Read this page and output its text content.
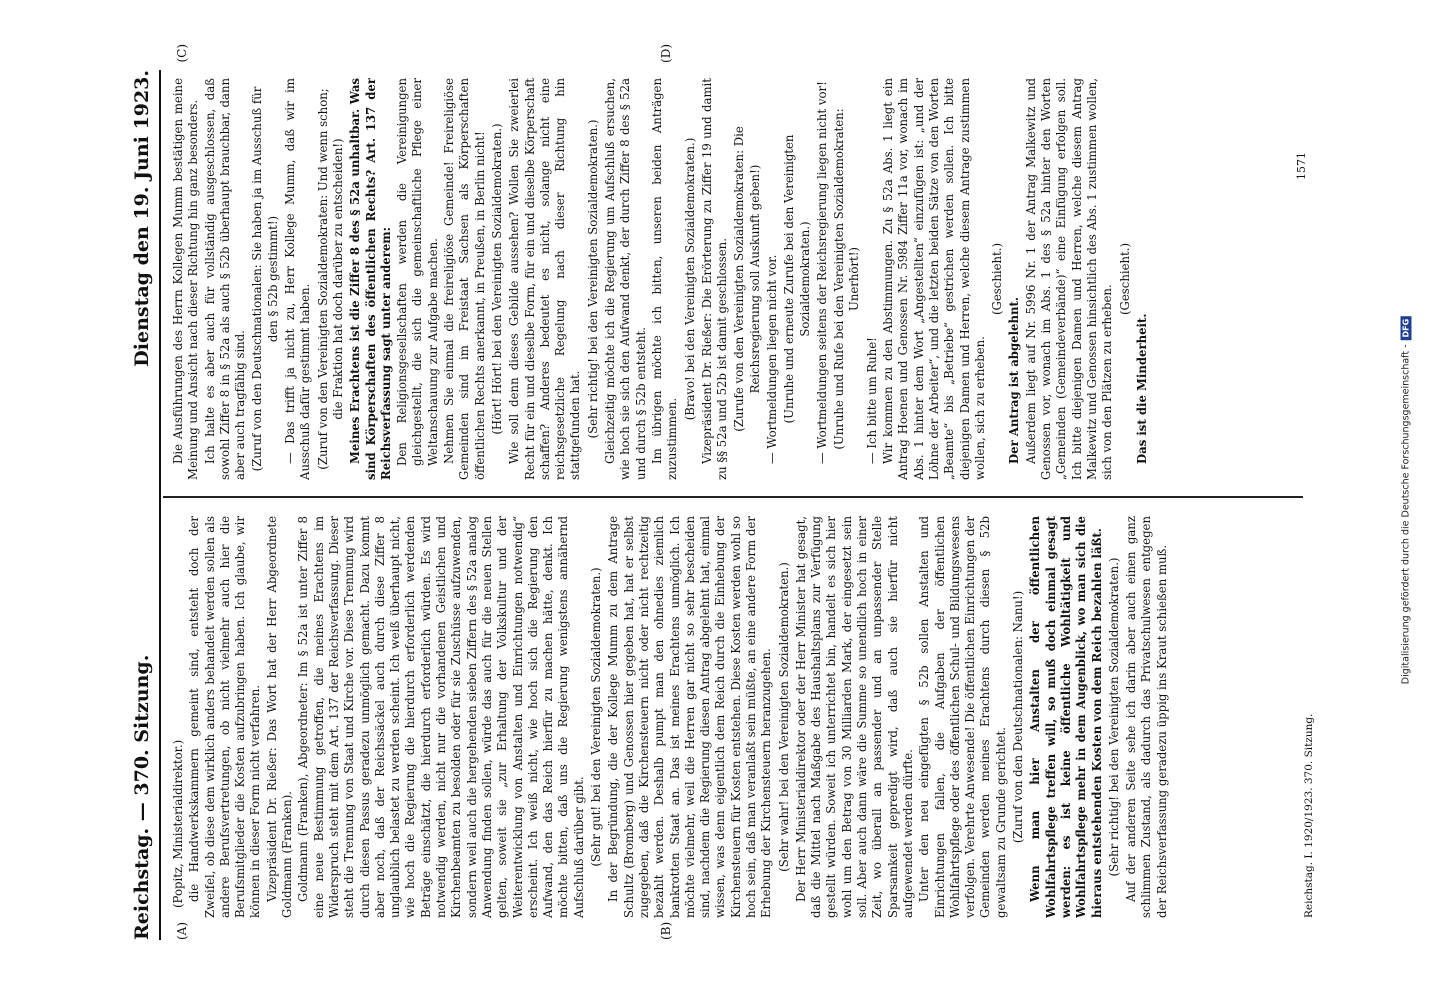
Reichstag. — 370. Sitzung.
Dienstag den 19. Juni 1923.
(A)	(B)
(C)	(D)

(Popitz, Ministerialdirektor.) die Handwerkskammern gemeint sind, entsteht doch der Zweifel, ob diese dem wirklich anders behandelt werden sollen als andere Berufsvertretungen, ob nicht vielmehr auch hier die Berufsmitglieder die Kosten aufzubringen haben. Ich glaube, wir können in dieser Form nicht verfahren. Vizepräsident Dr. Rießer: Das Wort hat der Herr Abgeordnete Goldmann (Franken). Goldmann (Franken), Abgeordneter: Im § 52a ist unter Ziffer 8 eine neue Bestimmung getroffen, die meines Erachtens im Widerspruch steht mit dem Art. 137 der Reichsverfassung. Dieser steht die Trennung von Staat und Kirche vor. Diese Trennung wird durch diesen Passus geradezu unmöglich gemacht. Dazu kommt aber noch, daß der Reichssäckel auch durch diese Ziffer 8 unglaublich belastet zu werden scheint. Ich weiß überhaupt nicht, wie hoch die Regierung die hierdurch erforderlich werdenden Beträge einschätzt, die hierdurch erforderlich würden. Es wird notwendig werden, nicht nur die vorhandenen Geistlichen und Kirchenbeamten zu besolden oder für sie Zuschüsse aufzuwenden, sondern weil auch die hergehenden sieben Ziffern des § 52a analog Anwendung finden sollen, würde das auch für die neuen Stellen gelten, soweit sie „zur Erhaltung der Volkskultur und der Weiterentwicklung von Anstalten und Einrichtungen notwendig“ erscheint. Ich weiß nicht, wie hoch sich die Regierung den Aufwand, den das Reich hierfür zu machen hätte, denkt. Ich möchte bitten, daß uns die Regierung wenigstens annähernd Aufschluß darüber gibt. (Sehr gut! bei den Vereinigten Sozialdemokraten.) In der Begründung, die der Kollege Mumm zu dem Antrage Schultz (Bromberg) und Genossen hier gegeben hat, hat er selbst zugegeben, daß die Kirchensteuern nicht oder nicht rechtzeitig bezahlt werden. Deshalb pumpt man den ohnedies ziemlich bankrotten Staat an. Das ist meines Erachtens unmöglich. Ich möchte vielmehr, weil die Herren gar nicht so sehr bescheiden sind, nachdem die Regierung diesen Antrag abgelehnt hat, einmal wissen, was denn eigentlich dem Reich durch die Einhebung der Kirchensteuern für Kosten entstehen. Diese Kosten werden wohl so hoch sein, daß man veranlaßt sein müßte, an eine andere Form der Erhebung der Kirchensteuern heranzugehen. (Sehr wahr! bei den Vereinigten Sozialdemokraten.) Der Herr Ministerialdirektor oder der Herr Minister hat gesagt, daß die Mittel nach Maßgabe des Haushaltsplans zur Verfügung gestellt würden. Soweit ich unterrichtet bin, handelt es sich hier wohl um den Betrag von 30 Milliarden Mark, der eingesetzt sein soll. Aber auch dann wäre die Summe so unendlich hoch in einer Zeit, wo überall an passender und an unpassender Stelle Sparsamkeit gepredigt wird, daß auch sie hierfür nicht aufgewendet werden dürfte. Unter den neu eingefügten § 52b sollen Anstalten und Einrichtungen fallen, die Aufgaben der öffentlichen Wohlfahrtspflege oder des öffentlichen Schul- und Bildungswesens verfolgen. Verehrte Anwesende! Die öffentlichen Einrichtungen der Gemeinden werden meines Erachtens durch diesen § 52b gewaltsam zu Grunde gerichtet. (Zuruf von den Deutschnationalen: Nanu!) Wenn man hier Anstalten der öffentlichen Wohlfahrtspflege treffen will, so muß doch einmal gesagt werden: es ist keine öffentliche Wohltätigkeit und Wohlfahrtspflege mehr in dem Augenblick, wo man sich die hieraus entstehenden Kosten von dem Reich bezahlen läßt. (Sehr richtig! bei den Vereinigten Sozialdemokraten.) Auf der anderen Seite sehe ich darin aber auch einen ganz schlimmen Zustand, als dadurch das Privatschulwesen entgegen der Reichsverfassung geradezu üppig ins Kraut schießen muß.

Die Ausführungen des Herrn Kollegen Mumm bestätigen meine Meinung und Ansicht nach dieser Richtung hin ganz besonders. Ich halte es aber auch für vollständig ausgeschlossen, daß sowohl Ziffer 8 in § 52a als auch § 52b überhaupt brauchbar, dann aber auch tragfähig sind. (Zuruf von den Deutschnationalen: Sie haben ja im Ausschuß für den § 52b gestimmt!) — Das trifft ja nicht zu, Herr Kollege Mumm, daß wir im Ausschuß dafür gestimmt haben. (Zuruf von den Vereinigten Sozialdemokraten: Und wenn schon; die Fraktion hat doch darüber zu entscheiden!) Meines Erachtens ist die Ziffer 8 des § 52a unhaltbar. Was sind Körperschaften des öffentlichen Rechts? Art. 137 der Reichsverfassung sagt unter anderem: Den Religionsgesellschaften werden die Vereinigungen gleichgestellt, die sich die gemeinschaftliche Pflege einer Weltanschauung zur Aufgabe machen. Nehmen Sie einmal die freireligiöse Gemeinde! Freireligiöse Gemeinden sind im Freistaat Sachsen als Körperschaften öffentlichen Rechts anerkannt, in Preußen, in Berlin nicht! (Hört! Hört! bei den Vereinigten Sozialdemokraten.) Wie soll denn dieses Gebilde aussehen? Wollen Sie zweierlei Recht für ein und dieselbe Form, für ein und dieselbe Körperschaft schaffen? Anderes bedeutet es nicht, solange nicht eine reichsgesetzliche Regelung nach dieser Richtung hin stattgefunden hat. (Sehr richtig! bei den Vereinigten Sozialdemokraten.) Gleichzeitig möchte ich die Regierung um Aufschluß ersuchen, wie hoch sie sich den Aufwand denkt, der durch Ziffer 8 des § 52a und durch § 52b entsteht. Im übrigen möchte ich bitten, unseren beiden Anträgen zuzustimmen.

(Bravo! bei den Vereinigten Sozialdemokraten.) Vizepräsident Dr. Rießer: Die Erörterung zu Ziffer 19 und damit zu §§ 52a und 52b ist damit geschlossen. (Zurufe von den Vereinigten Sozialdemokraten: Die Reichsregierung soll Auskunft geben!) — Wortmeldungen liegen nicht vor. (Unruhe und erneute Zurufe bei den Vereinigten Sozialdemokraten.) — Wortmeldungen seitens der Reichsregierung liegen nicht vor! (Unruhe und Rufe bei den Vereinigten Sozialdemokraten: Unerhört!)

— Ich bitte um Ruhe! Wir kommen zu den Abstimmungen. Zu § 52a Abs. 1 liegt ein Antrag Hoenen und Genossen Nr. 5984 Ziffer 11a vor, wonach im Abs. 1 hinter dem Wort „Angestellten“ einzufügen ist: „und der Löhne der Arbeiter“, und die letzten beiden Sätze von den Worten „Beamte“ bis „Betriebe“ gestrichen werden sollen. Ich bitte diejenigen Damen und Herren, welche diesem Antrage zustimmen wollen, sich zu erheben.

(Geschieht.)

Der Antrag ist abgelehnt. Außerdem liegt auf Nr. 5996 Nr. 1 der Antrag Malkewitz und Genossen vor, wonach im Abs. 1 des § 52a hinter den Worten „Gemeinden (Gemeindeverbände)“ eine Einfügung erfolgen soll. Ich bitte diejenigen Damen und Herren, welche diesem Antrag Malkewitz und Genossen hinsichtlich des Abs. 1 zustimmen wollen, sich von den Plätzen zu erheben.

(Geschieht.)

Das ist die Minderheit.

Reichstag. I. 1920/1923. 370. Sitzung.
1571
Digitalisierung gefördert durch die Deutsche Forschungsgemeinschaft -
DFG
